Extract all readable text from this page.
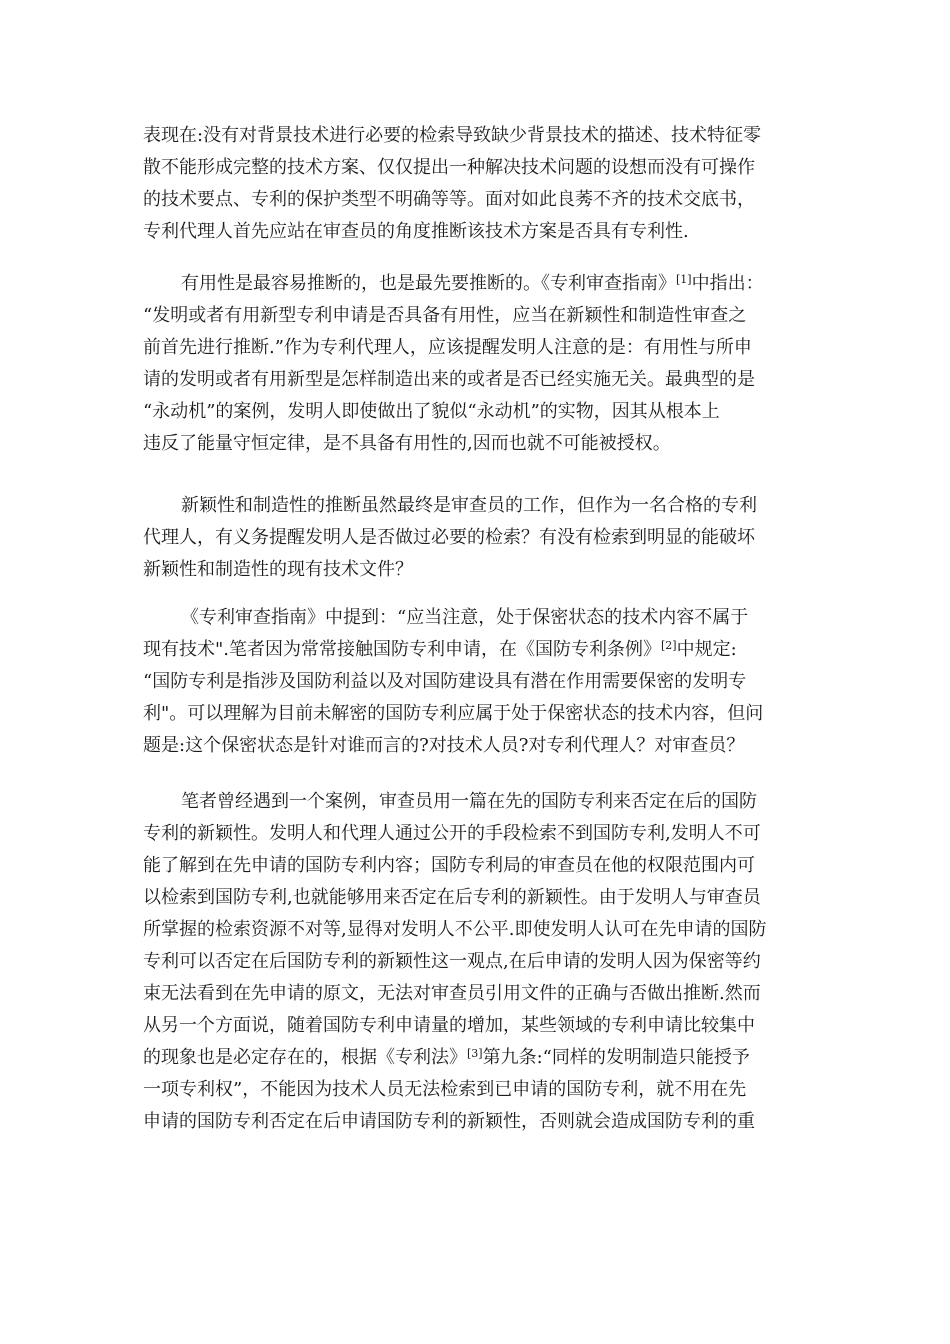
表现在:没有对背景技术进行必要的检索导致缺少背景技术的描述、技术特征零
散不能形成完整的技术方案、仅仅提出一种解决技术问题的设想而没有可操作
的技术要点、专利的保护类型不明确等等。面对如此良莠不齐的技术交底书，
专利代理人首先应站在审查员的角度推断该技术方案是否具有专利性.
有用性是最容易推断的，也是最先要推断的。《专利审查指南》[1]中指出：
“发明或者有用新型专利申请是否具备有用性，应当在新颖性和制造性审查之
前首先进行推断.”作为专利代理人，应该提醒发明人注意的是：有用性与所申
请的发明或者有用新型是怎样制造出来的或者是否已经实施无关。最典型的是
“永动机”的案例，发明人即使做出了貌似“永动机”的实物，因其从根本上
违反了能量守恒定律，是不具备有用性的,因而也就不可能被授权。
新颖性和制造性的推断虽然最终是审查员的工作，但作为一名合格的专利
代理人，有义务提醒发明人是否做过必要的检索？有没有检索到明显的能破坏
新颖性和制造性的现有技术文件？
《专利审查指南》中提到：“应当注意，处于保密状态的技术内容不属于
现有技术".笔者因为常常接触国防专利申请，在《国防专利条例》[2]中规定:
“国防专利是指涉及国防利益以及对国防建设具有潜在作用需要保密的发明专
利"。可以理解为目前未解密的国防专利应属于处于保密状态的技术内容，但问
题是:这个保密状态是针对谁而言的?对技术人员?对专利代理人？对审查员？
笔者曾经遇到一个案例，审查员用一篇在先的国防专利来否定在后的国防
专利的新颖性。发明人和代理人通过公开的手段检索不到国防专利,发明人不可
能了解到在先申请的国防专利内容；国防专利局的审查员在他的权限范围内可
以检索到国防专利,也就能够用来否定在后专利的新颖性。由于发明人与审查员
所掌握的检索资源不对等,显得对发明人不公平.即使发明人认可在先申请的国防
专利可以否定在后国防专利的新颖性这一观点,在后申请的发明人因为保密等约
束无法看到在先申请的原文，无法对审查员引用文件的正确与否做出推断.然而
从另一个方面说，随着国防专利申请量的增加，某些领域的专利申请比较集中
的现象也是必定存在的，根据《专利法》[3]第九条:“同样的发明制造只能授予
一项专利权”，不能因为技术人员无法检索到已申请的国防专利，就不用在先
申请的国防专利否定在后申请国防专利的新颖性，否则就会造成国防专利的重
